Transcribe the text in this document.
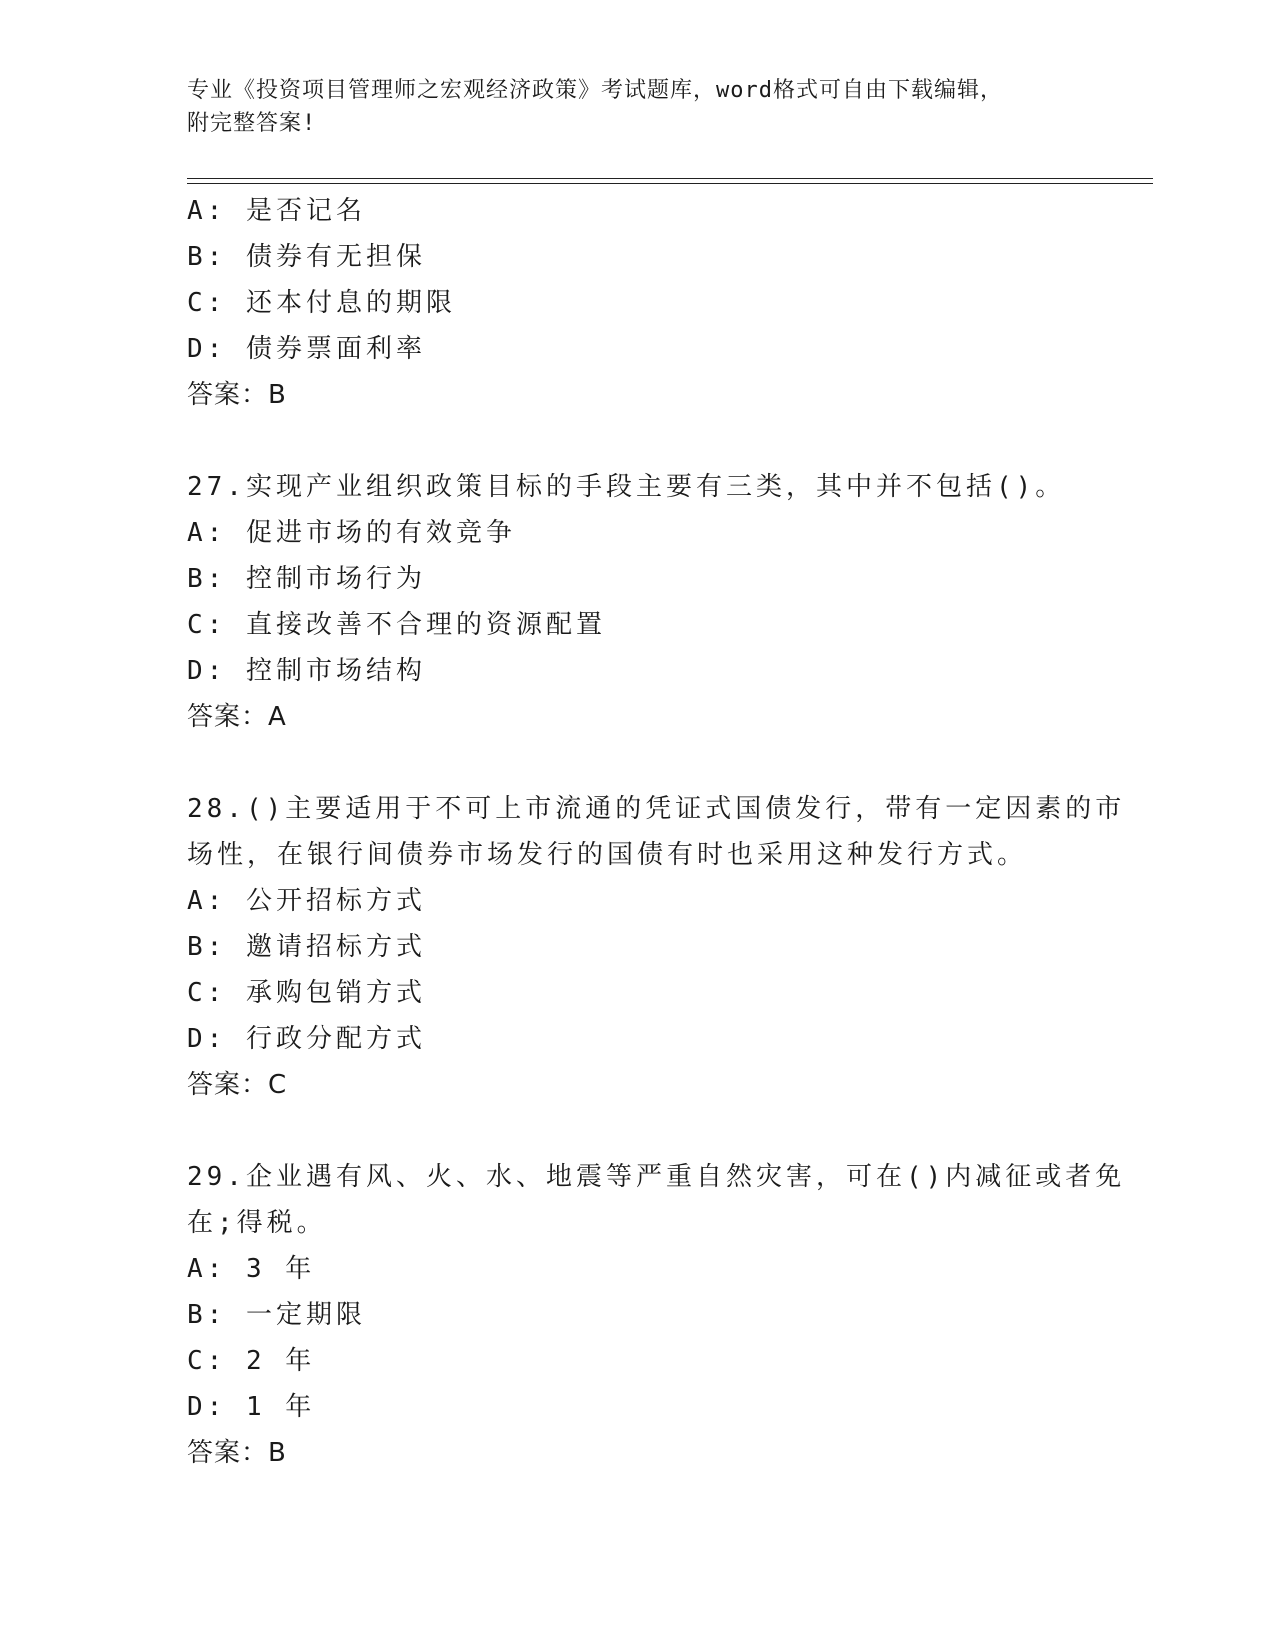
专业《投资项目管理师之宏观经济政策》考试题库，word格式可自由下载编辑，
附完整答案!
A: 是否记名
B: 债券有无担保
C: 还本付息的期限
D: 债券票面利率
答案：B
27.实现产业组织政策目标的手段主要有三类，其中并不包括()。
A: 促进市场的有效竞争
B: 控制市场行为
C: 直接改善不合理的资源配置
D: 控制市场结构
答案：A
28.()主要适用于不可上市流通的凭证式国债发行，带有一定因素的市
场性，在银行间债券市场发行的国债有时也采用这种发行方式。
A: 公开招标方式
B: 邀请招标方式
C: 承购包销方式
D: 行政分配方式
答案：C
29.企业遇有风、火、水、地震等严重自然灾害，可在()内减征或者免
在;得税。
A: 3 年
B: 一定期限
C: 2 年
D: 1 年
答案：B
